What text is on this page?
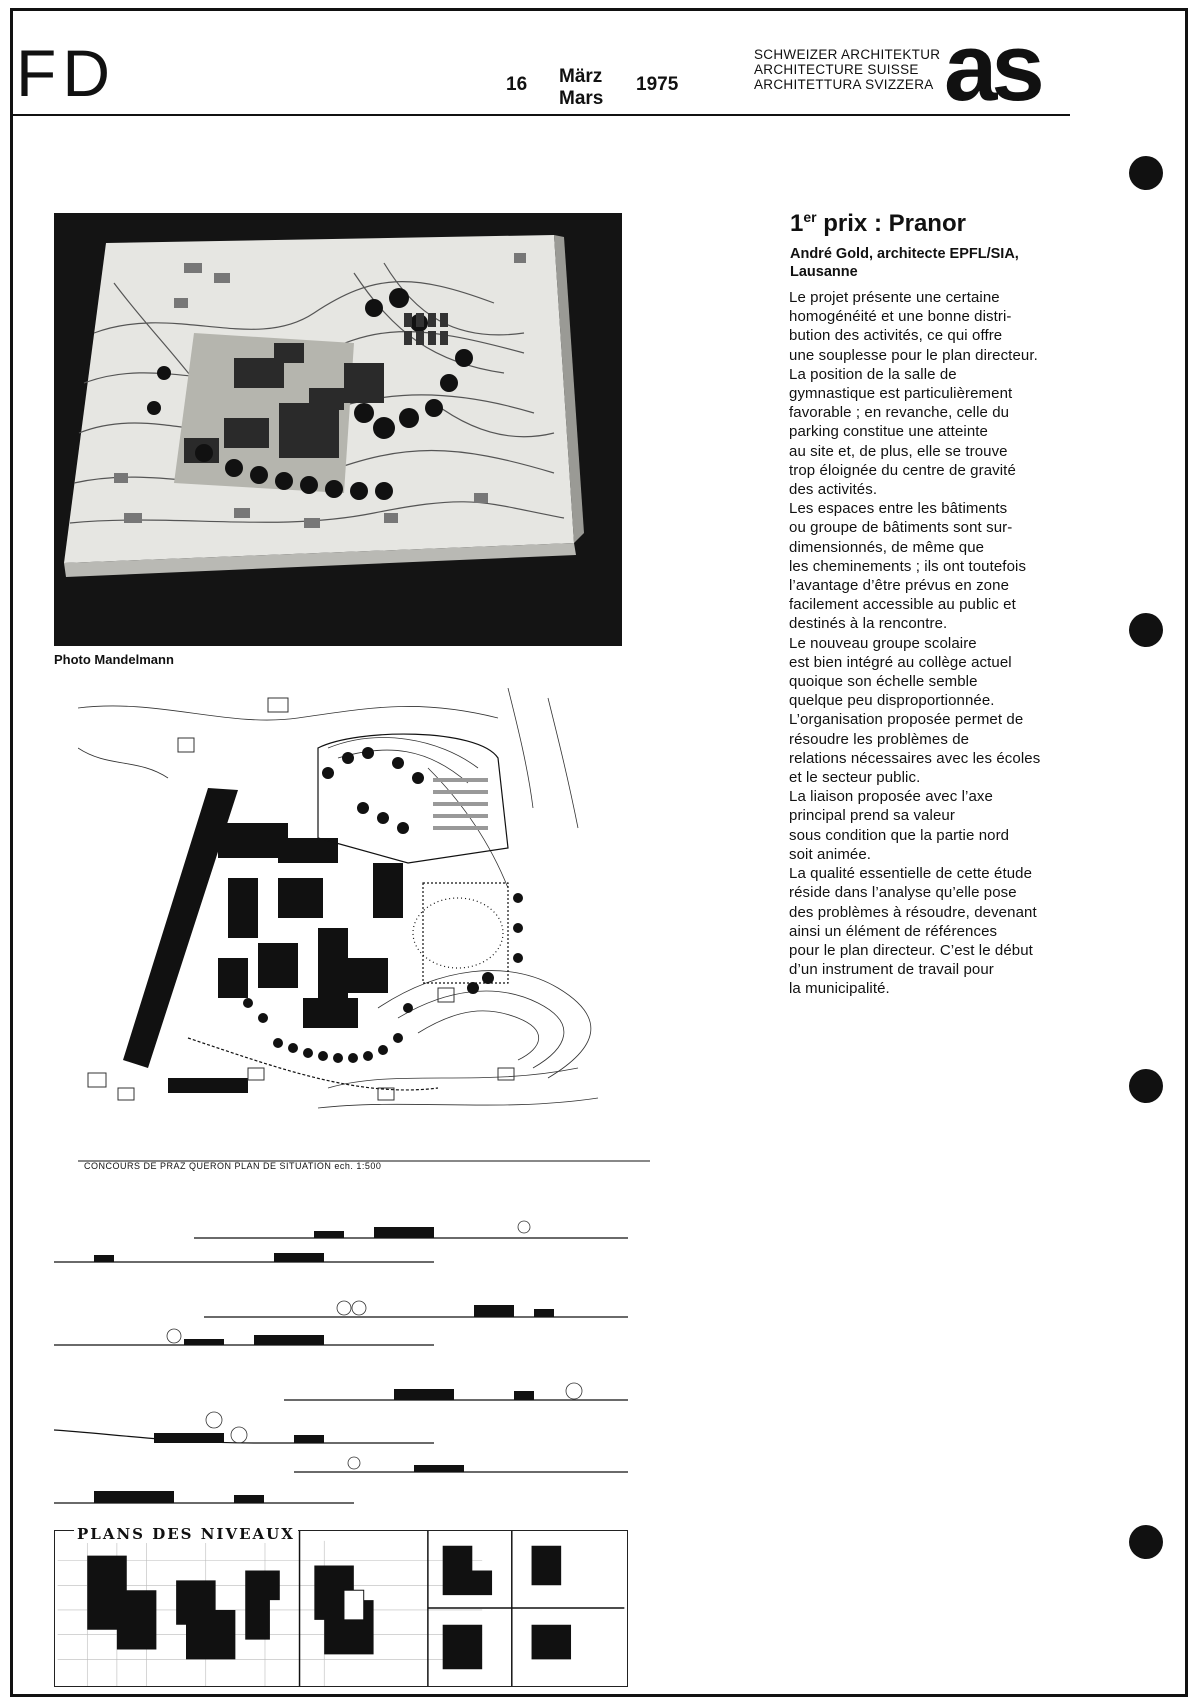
FD	16 März
Mars
1975
SCHWEIZER ARCHITEKTUR
ARCHITECTURE SUISSE
ARCHITETTURA SVIZZERA as
Photo Mandelmann
CONCOURS DE PRAZ QUERON PLAN DE SITUATION ech. 1:500
PLANS DES NIVEAUX
1er prix : Pranor
André Gold, architecte EPFL/SIA,
Lausanne

Le projet présente une certaine
homogénéité et une bonne distri-
bution des activités, ce qui offre
une souplesse pour le plan directeur.

La position de la salle de
gymnastique est particulièrement
favorable ; en revanche, celle du
parking constitue une atteinte
au site et, de plus, elle se trouve
trop éloignée du centre de gravité
des activités.

Les espaces entre les bâtiments
ou groupe de bâtiments sont sur-
dimensionnés, de même que
les cheminements ; ils ont toutefois
l’avantage d’être prévus en zone
facilement accessible au public et
destinés à la rencontre.

Le nouveau groupe scolaire
est bien intégré au collège actuel
quoique son échelle semble
quelque peu disproportionnée.

L’organisation proposée permet de
résoudre les problèmes de
relations nécessaires avec les écoles
et le secteur public.

La liaison proposée avec l’axe
principal prend sa valeur
sous condition que la partie nord
soit animée.

La qualité essentielle de cette étude
réside dans l’analyse qu’elle pose
des problèmes à résoudre, devenant
ainsi un élément de références
pour le plan directeur. C’est le début
d’un instrument de travail pour
la municipalité.
